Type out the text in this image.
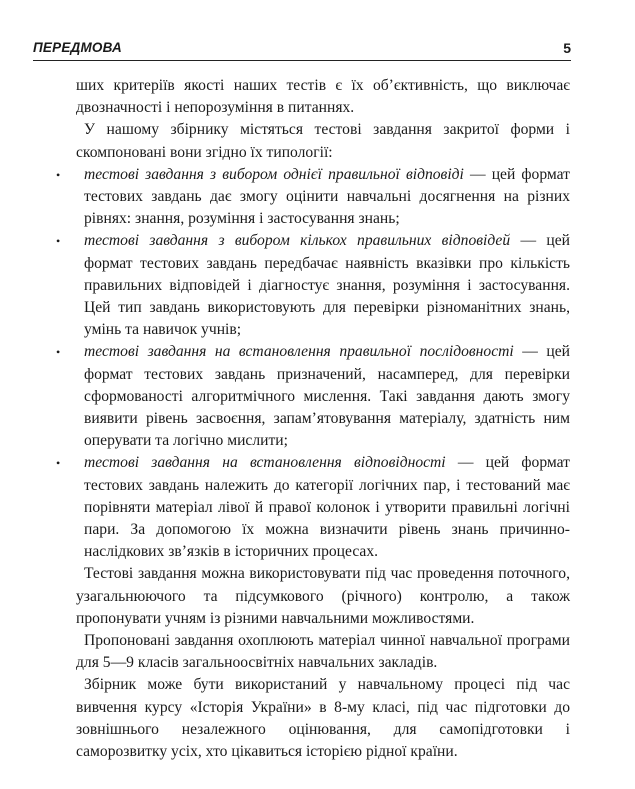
ПЕРЕДМОВА	5

ших критеріїв якості наших тестів є їх об’єктивність, що виключає двозначності і непорозуміння в питаннях.

У нашому збірнику містяться тестові завдання закритої форми і скомпоновані вони згідно їх типології:

• тестові завдання з вибором однієї правильної відповіді — цей формат тестових завдань дає змогу оцінити навчальні досягнення на різних рівнях: знання, розуміння і застосування знань;
• тестові завдання з вибором кількох правильних відповідей — цей формат тестових завдань передбачає наявність вказівки про кількість правильних відповідей і діагностує знання, розуміння і застосування. Цей тип завдань використовують для перевірки різноманітних знань, умінь та навичок учнів;
• тестові завдання на встановлення правильної послідовності — цей формат тестових завдань призначений, насамперед, для перевірки сформованості алгоритмічного мислення. Такі завдання дають змогу виявити рівень засвоєння, запам’ятовування матеріалу, здатність ним оперувати та логічно мислити;
• тестові завдання на встановлення відповідності — цей формат тестових завдань належить до категорії логічних пар, і тестований має порівняти матеріал лівої й правої колонок і утворити правильні логічні пари. За допомогою їх можна визначити рівень знань причинно-наслідкових зв’язків в історичних процесах.

Тестові завдання можна використовувати під час проведення поточного, узагальнюючого та підсумкового (річного) контролю, а також пропонувати учням із різними навчальними можливостями.

Пропоновані завдання охоплюють матеріал чинної навчальної програми для 5—9 класів загальноосвітніх навчальних закладів.

Збірник може бути використаний у навчальному процесі під час вивчення курсу «Історія України» в 8-му класі, під час підготовки до зовнішнього незалежного оцінювання, для самопідготовки і саморозвитку усіх, хто цікавиться історією рідної країни.
